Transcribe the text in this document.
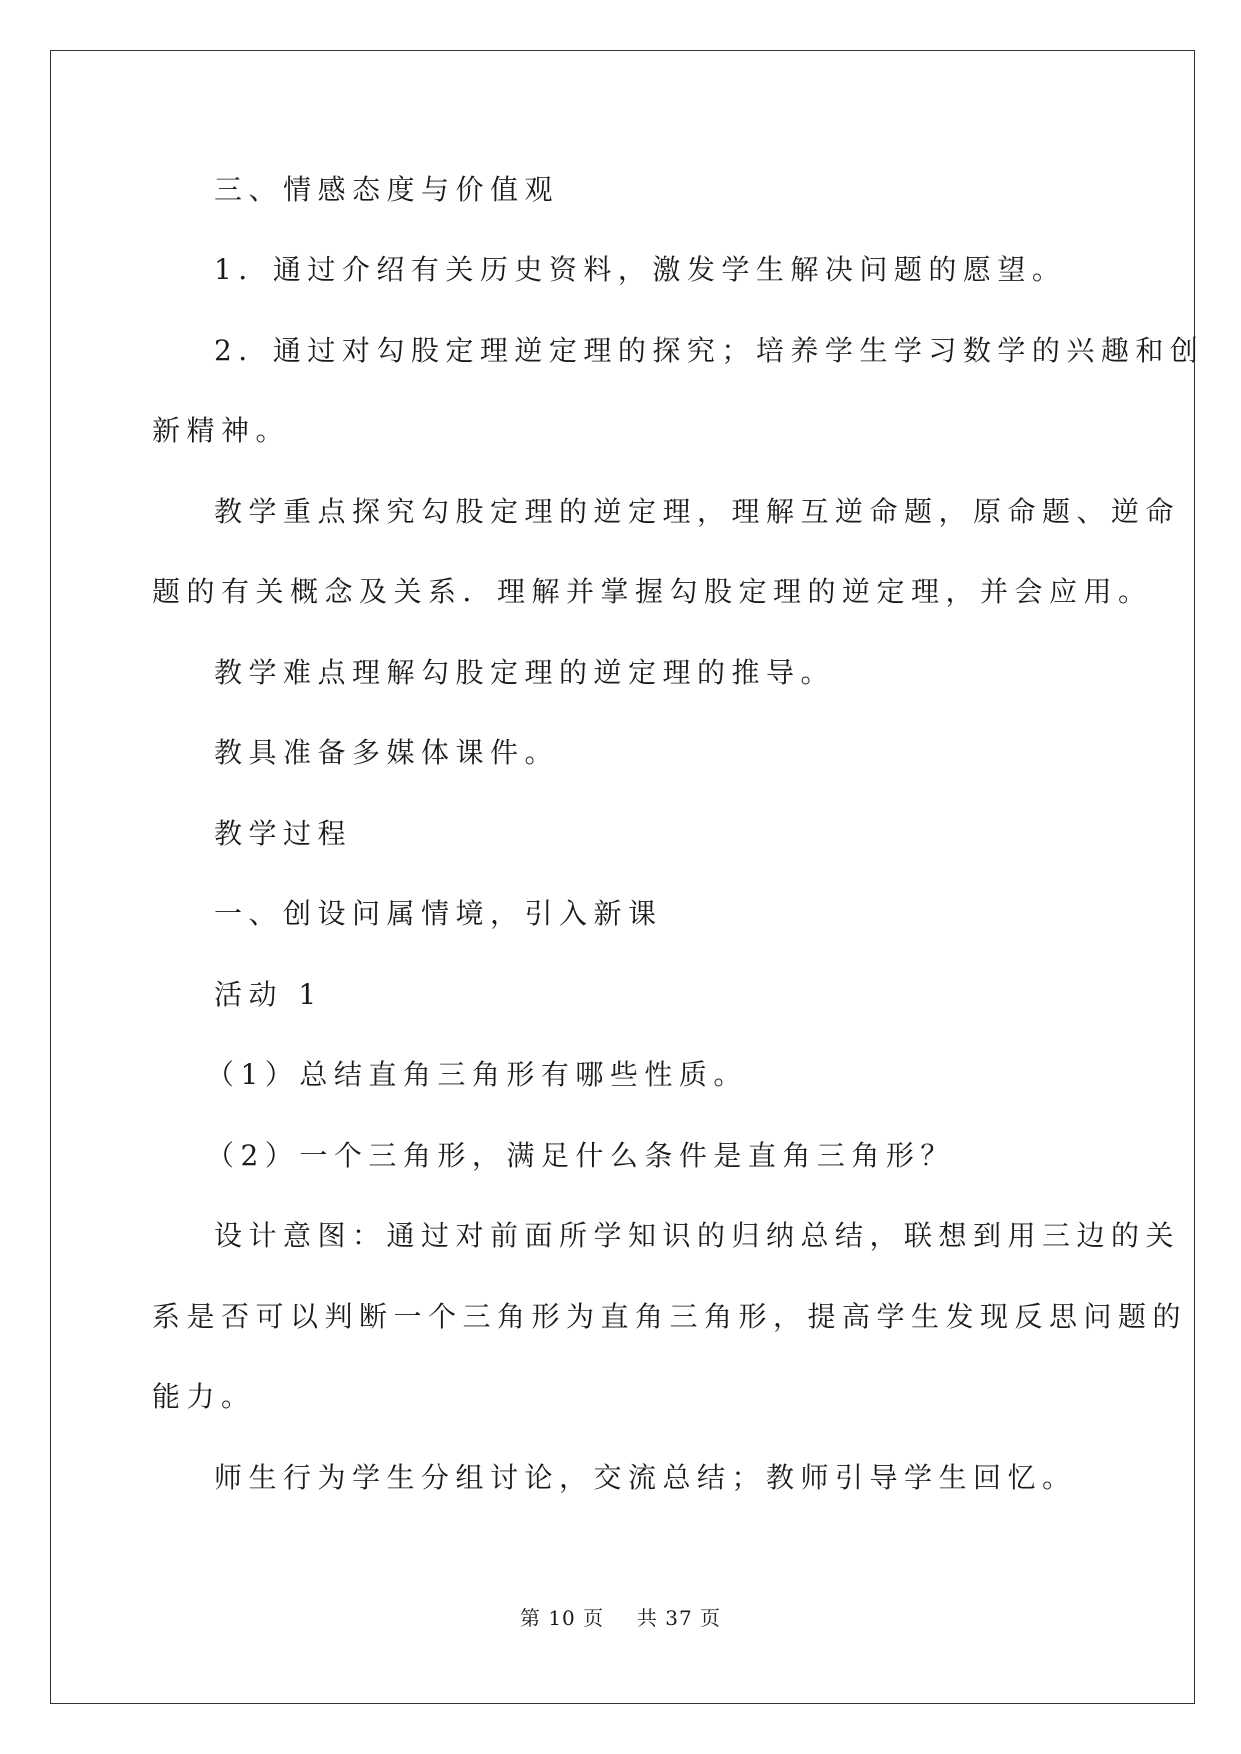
三、情感态度与价值观
1．通过介绍有关历史资料，激发学生解决问题的愿望。
2．通过对勾股定理逆定理的探究；培养学生学习数学的兴趣和创
新精神。
教学重点探究勾股定理的逆定理，理解互逆命题，原命题、逆命
题的有关概念及关系．理解并掌握勾股定理的逆定理，并会应用。
教学难点理解勾股定理的逆定理的推导。
教具准备多媒体课件。
教学过程
一、创设问属情境，引入新课
活动 1
（1）总结直角三角形有哪些性质。
（2）一个三角形，满足什么条件是直角三角形？
设计意图：通过对前面所学知识的归纳总结，联想到用三边的关
系是否可以判断一个三角形为直角三角形，提高学生发现反思问题的
能力。
师生行为学生分组讨论，交流总结；教师引导学生回忆。
第 10 页 共 37 页
